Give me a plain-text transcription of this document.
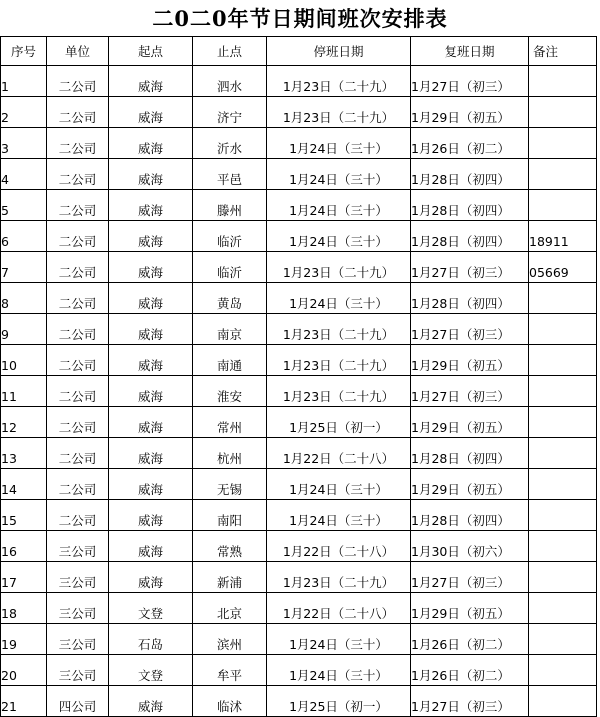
二0二0年节日期间班次安排表
序号	单位	起点	止点	停班日期	复班日期	备注
1	二公司	威海	泗水	1月23日（二十九）	1月27日（初三）	
2	二公司	威海	济宁	1月23日（二十九）	1月29日（初五）	
3	二公司	威海	沂水	1月24日（三十）	1月26日（初二）	
4	二公司	威海	平邑	1月24日（三十）	1月28日（初四）	
5	二公司	威海	滕州	1月24日（三十）	1月28日（初四）	
6	二公司	威海	临沂	1月24日（三十）	1月28日（初四）	18911
7	二公司	威海	临沂	1月23日（二十九）	1月27日（初三）	05669
8	二公司	威海	黄岛	1月24日（三十）	1月28日（初四）	
9	二公司	威海	南京	1月23日（二十九）	1月27日（初三）	
10	二公司	威海	南通	1月23日（二十九）	1月29日（初五）	
11	二公司	威海	淮安	1月23日（二十九）	1月27日（初三）	
12	二公司	威海	常州	1月25日（初一）	1月29日（初五）	
13	二公司	威海	杭州	1月22日（二十八）	1月28日（初四）	
14	二公司	威海	无锡	1月24日（三十）	1月29日（初五）	
15	二公司	威海	南阳	1月24日（三十）	1月28日（初四）	
16	三公司	威海	常熟	1月22日（二十八）	1月30日（初六）	
17	三公司	威海	新浦	1月23日（二十九）	1月27日（初三）	
18	三公司	文登	北京	1月22日（二十八）	1月29日（初五）	
19	三公司	石岛	滨州	1月24日（三十）	1月26日（初二）	
20	三公司	文登	牟平	1月24日（三十）	1月26日（初二）	
21	四公司	威海	临沭	1月25日（初一）	1月27日（初三）	
